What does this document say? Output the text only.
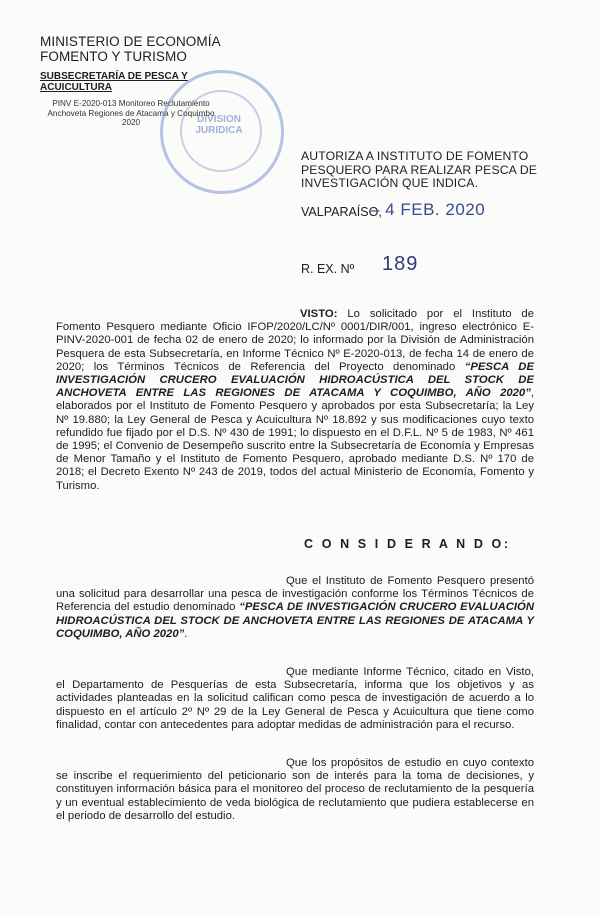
MINISTERIO DE ECONOMÍA
FOMENTO Y TURISMO
SUBSECRETARÍA DE PESCA Y
ACUICULTURA
PINV E-2020-013 Monitoreo Reclutamiento
Anchoveta Regiones de Atacama y Coquimbo
2020	DIVISION
JURIDICA
AUTORIZA A INSTITUTO DE FOMENTO PESQUERO PARA REALIZAR PESCA DE INVESTIGACIÓN QUE INDICA.
VALPARAÍSO,
– 4 FEB. 2020
R. EX. Nº 189
VISTO: Lo solicitado por el Instituto de Fomento Pesquero mediante Oficio IFOP/2020/LC/Nº 0001/DIR/001, ingreso electrónico E-PINV-2020-001 de fecha 02 de enero de 2020; lo informado por la División de Administración Pesquera de esta Subsecretaría, en Informe Técnico Nº E-2020-013, de fecha 14 de enero de 2020; los Términos Técnicos de Referencia del Proyecto denominado “PESCA DE INVESTIGACIÓN CRUCERO EVALUACIÓN HIDROACÚSTICA DEL STOCK DE ANCHOVETA ENTRE LAS REGIONES DE ATACAMA Y COQUIMBO, AÑO 2020”, elaborados por el Instituto de Fomento Pesquero y aprobados por esta Subsecretaría; la Ley Nº 19.880; la Ley General de Pesca y Acuicultura Nº 18.892 y sus modificaciones cuyo texto refundido fue fijado por el D.S. Nº 430 de 1991; lo dispuesto en el D.F.L. Nº 5 de 1983, Nº 461 de 1995; el Convenio de Desempeño suscrito entre la Subsecretaría de Economía y Empresas de Menor Tamaño y el Instituto de Fomento Pesquero, aprobado mediante D.S. Nº 170 de 2018; el Decreto Exento Nº 243 de 2019, todos del actual Ministerio de Economía, Fomento y Turismo.
C O N S I D E R A N D O:
Que el Instituto de Fomento Pesquero presentó una solicitud para desarrollar una pesca de investigación conforme los Términos Técnicos de Referencia del estudio denominado “PESCA DE INVESTIGACIÓN CRUCERO EVALUACIÓN HIDROACÚSTICA DEL STOCK DE ANCHOVETA ENTRE LAS REGIONES DE ATACAMA Y COQUIMBO, AÑO 2020”.
Que mediante Informe Técnico, citado en Visto, el Departamento de Pesquerías de esta Subsecretaría, informa que los objetivos y as actividades planteadas en la solicitud califican como pesca de investigación de acuerdo a lo dispuesto en el artículo 2º Nº 29 de la Ley General de Pesca y Acuicultura que tiene como finalidad, contar con antecedentes para adoptar medidas de administración para el recurso.
Que los propósitos de estudio en cuyo contexto se inscribe el requerimiento del peticionario son de interés para la toma de decisiones, y constituyen información básica para el monitoreo del proceso de reclutamiento de la pesquería y un eventual establecimiento de veda biológica de reclutamiento que pudiera establecerse en el periodo de desarrollo del estudio.
